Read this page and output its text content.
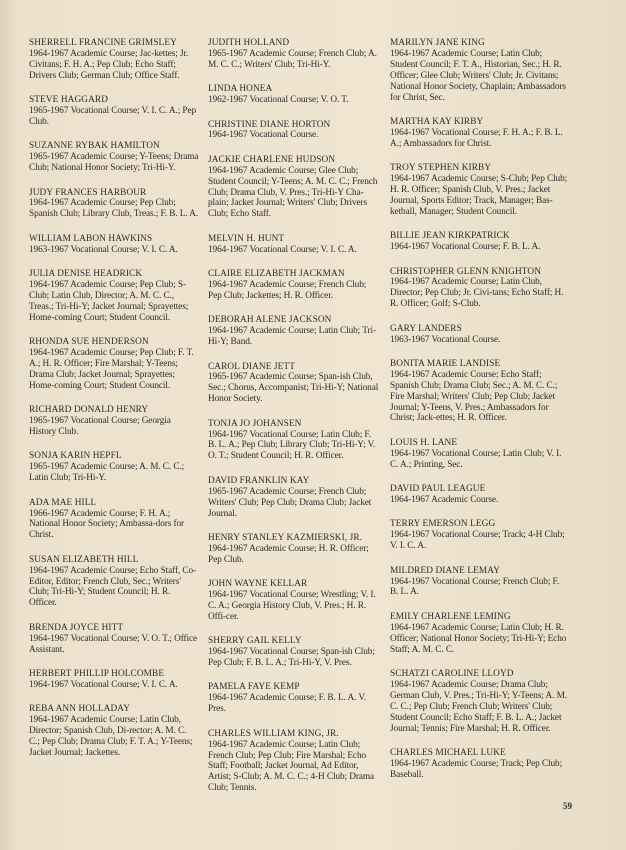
SHERRELL FRANCINE GRIMSLEY
1964-1967 Academic Course; Jac-kettes; Jr. Civitans; F. H. A.; Pep Club; Echo Staff; Drivers Club; German Club; Office Staff.
STEVE HAGGARD
1965-1967 Vocational Course; V. I. C. A.; Pep Club.
SUZANNE RYBAK HAMILTON
1965-1967 Academic Course; Y-Teens; Drama Club; National Honor Society; Tri-Hi-Y.
JUDY FRANCES HARBOUR
1964-1967 Academic Course; Pep Club; Spanish Club; Library Club, Treas.; F. B. L. A.
WILLIAM LABON HAWKINS
1963-1967 Vocational Course; V. I. C. A.
JULIA DENISE HEADRICK
1964-1967 Academic Course; Pep Club; S-Club; Latin Club, Director; A. M. C. C., Treas.; Tri-Hi-Y; Jacket Journal; Sprayettes; Home-coming Court; Student Council.
RHONDA SUE HENDERSON
1964-1967 Academic Course; Pep Club; F. T. A.; H. R. Officer; Fire Marshal; Y-Teens; Drama Club; Jacket Journal; Sprayettes; Home-coming Court; Student Council.
RICHARD DONALD HENRY
1965-1967 Vocational Course; Georgia History Club.
SONJA KARIN HEPFL
1965-1967 Academic Course; A. M. C. C.; Latin Club; Tri-Hi-Y.
ADA MAE HILL
1966-1967 Academic Course; F. H. A.; National Honor Society; Ambassa-dors for Christ.
SUSAN ELIZABETH HILL
1964-1967 Academic Course; Echo Staff, Co-Editor, Editor; French Club, Sec.; Writers' Club; Tri-Hi-Y; Student Council; H. R. Officer.
BRENDA JOYCE HITT
1964-1967 Vocational Course; V. O. T.; Office Assistant.
HERBERT PHILLIP HOLCOMBE
1964-1967 Vocational Course; V. I. C. A.
REBA ANN HOLLADAY
1964-1967 Academic Course; Latin Club, Director; Spanish Club, Di-rector; A. M. C. C.; Pep Club; Drama Club; F. T. A.; Y-Teens; Jacket Journal; Jackettes.
JUDITH HOLLAND
1965-1967 Academic Course; French Club; A. M. C. C.; Writers' Club; Tri-Hi-Y.
LINDA HONEA
1962-1967 Vocational Course; V. O. T.
CHRISTINE DIANE HORTON
1964-1967 Vocational Course.
JACKIE CHARLENE HUDSON
1964-1967 Academic Course; Glee Club; Student Council; Y-Teens; A. M. C. C.; French Club; Drama Club, V. Pres.; Tri-Hi-Y Cha-plain; Jacket Journal; Writers' Club; Drivers Club; Echo Staff.
MELVIN H. HUNT
1964-1967 Vocational Course; V. I. C. A.
CLAIRE ELIZABETH JACKMAN
1964-1967 Academic Course; French Club; Pep Club; Jackettes; H. R. Officer.
DEBORAH ALENE JACKSON
1964-1967 Academic Course; Latin Club; Tri-Hi-Y; Band.
CAROL DIANE JETT
1965-1967 Academic Course; Span-ish Club, Sec.; Chorus, Accompanist; Tri-Hi-Y; National Honor Society.
TONJA JO JOHANSEN
1964-1967 Vocational Course; Latin Club; F. B. L. A.; Pep Club; Library Club; Tri-Hi-Y; V. O. T.; Student Council; H. R. Officer.
DAVID FRANKLIN KAY
1965-1967 Academic Course; French Club; Writers' Club; Pep Club; Drama Club; Jacket Journal.
HENRY STANLEY KAZMIERSKI, JR.
1964-1967 Academic Course; H. R. Officer; Pep Club.
JOHN WAYNE KELLAR
1964-1967 Vocational Course; Wrestling; V. I. C. A.; Georgia History Club, V. Pres.; H. R. Offi-cer.
SHERRY GAIL KELLY
1964-1967 Vocational Course; Span-ish Club; Pep Club; F. B. L. A.; Tri-Hi-Y, V. Pres.
PAMELA FAYE KEMP
1964-1967 Academic Course; F. B. L. A. V. Pres.
CHARLES WILLIAM KING, JR.
1964-1967 Academic Course; Latin Club; French Club; Pep Club; Fire Marshal; Echo Staff; Football; Jacket Journal, Ad Editor, Artist; S-Club; A. M. C. C.; 4-H Club; Drama Club; Tennis.
MARILYN JANE KING
1964-1967 Academic Course; Latin Club; Student Council; F. T. A., Historian, Sec.; H. R. Officer; Glee Club; Writers' Club; Jr. Civitans; National Honor Society, Chaplain; Ambassadors for Christ, Sec.
MARTHA KAY KIRBY
1964-1967 Vocational Course; F. H. A.; F. B. L. A.; Ambassadors for Christ.
TROY STEPHEN KIRBY
1964-1967 Academic Course; S-Club; Pep Club; H. R. Officer; Spanish Club, V. Pres.; Jacket Journal, Sports Editor; Track, Manager; Bas-ketball, Manager; Student Council.
BILLIE JEAN KIRKPATRICK
1964-1967 Vocational Course; F. B. L. A.
CHRISTOPHER GLENN KNIGHTON
1964-1967 Academic Course; Latin Club, Director; Pep Club; Jr. Civi-tans; Echo Staff; H. R. Officer; Golf; S-Club.
GARY LANDERS
1963-1967 Vocational Course.
BONITA MARIE LANDISE
1964-1967 Academic Course; Echo Staff; Spanish Club; Drama Club; Sec.; A. M. C. C.; Fire Marshal; Writers' Club; Pep Club; Jacket Journal; Y-Teens, V. Pres.; Ambassadors for Christ; Jack-ettes; H. R. Officer.
LOUIS H. LANE
1964-1967 Vocational Course; Latin Club; V. I. C. A.; Printing, Sec.
DAVID PAUL LEAGUE
1964-1967 Academic Course.
TERRY EMERSON LEGG
1964-1967 Vocational Course; Track; 4-H Club; V. I. C. A.
MILDRED DIANE LEMAY
1964-1967 Vocational Course; French Club; F. B. L. A.
EMILY CHARLENE LEMING
1964-1967 Academic Course; Latin Club; H. R. Officer; National Honor Society; Tri-Hi-Y; Echo Staff; A. M. C. C.
SCHATZI CAROLINE LLOYD
1964-1967 Academic Course; Drama Club; German Club, V. Pres.; Tri-Hi-Y; Y-Teens; A. M. C. C.; Pep Club; French Club; Writers' Club; Student Council; Echo Staff; F. B. L. A.; Jacket Journal; Tennis; Fire Marshal; H. R. Officer.
CHARLES MICHAEL LUKE
1964-1967 Academic Course; Track; Pep Club; Baseball.
59
